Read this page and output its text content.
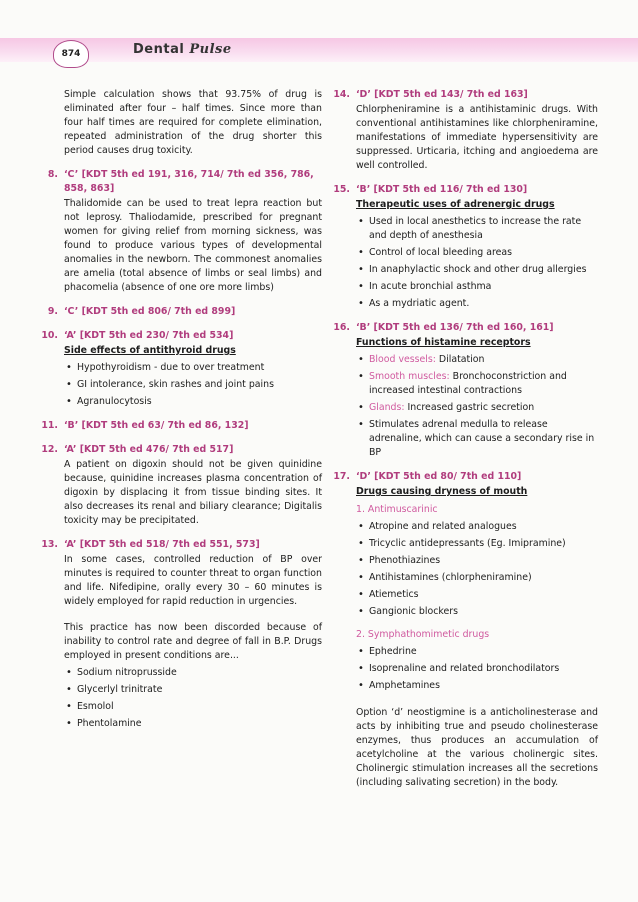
874	Dental Pulse

Simple calculation shows that 93.75% of drug is eliminated after four – half times. Since more than four half times are required for complete elimination, repeated administration of the drug shorter this period causes drug toxicity.

8. ‘C’ [KDT 5th ed 191, 316, 714/ 7th ed 356, 786, 858, 863]

Thalidomide can be used to treat lepra reaction but not leprosy. Thaliodamide, prescribed for pregnant women for giving relief from morning sickness, was found to produce various types of developmental anomalies in the newborn. The commonest anomalies are amelia (total absence of limbs or seal limbs) and phacomelia (absence of one ore more limbs)

9. ‘C’ [KDT 5th ed 806/ 7th ed 899]

10. ‘A’ [KDT 5th ed 230/ 7th ed 534]

Side effects of antithyroid drugs

• Hypothyroidism - due to over treatment
• GI intolerance, skin rashes and joint pains
• Agranulocytosis
11. ‘B’ [KDT 5th ed 63/ 7th ed 86, 132]

12. ‘A’ [KDT 5th ed 476/ 7th ed 517]

A patient on digoxin should not be given quinidine because, quinidine increases plasma concentration of digoxin by displacing it from tissue binding sites. It also decreases its renal and biliary clearance; Digitalis toxicity may be precipitated.

13. ‘A’ [KDT 5th ed 518/ 7th ed 551, 573]

In some cases, controlled reduction of BP over minutes is required to counter threat to organ function and life. Nifedipine, orally every 30 – 60 minutes is widely employed for rapid reduction in urgencies.

This practice has now been discorded because of inability to control rate and degree of fall in B.P. Drugs employed in present conditions are...

• Sodium nitroprusside
• Glycerlyl trinitrate
• Esmolol
• Phentolamine
14. ‘D’ [KDT 5th ed 143/ 7th ed 163]

Chlorpheniramine is a antihistaminic drugs. With conventional antihistamines like chlorpheniramine, manifestations of immediate hypersensitivity are suppressed. Urticaria, itching and angioedema are well controlled.

15. ‘B’ [KDT 5th ed 116/ 7th ed 130]

Therapeutic uses of adrenergic drugs

• Used in local anesthetics to increase the rate and depth of anesthesia
• Control of local bleeding areas
• In anaphylactic shock and other drug allergies
• In acute bronchial asthma
• As a mydriatic agent.
16. ‘B’ [KDT 5th ed 136/ 7th ed 160, 161]

Functions of histamine receptors

• Blood vessels: Dilatation
• Smooth muscles: Bronchoconstriction and increased intestinal contractions
• Glands: Increased gastric secretion
• Stimulates adrenal medulla to release adrenaline, which can cause a secondary rise in BP
17. ‘D’ [KDT 5th ed 80/ 7th ed 110]

Drugs causing dryness of mouth

1. Antimuscarinic

• Atropine and related analogues
• Tricyclic antidepressants (Eg. Imipramine)
• Phenothiazines
• Antihistamines (chlorpheniramine)
• Atiemetics
• Gangionic blockers

2. Symphathomimetic drugs

• Ephedrine
• Isoprenaline and related bronchodilators
• Amphetamines

Option ‘d’ neostigmine is a anticholinesterase and acts by inhibiting true and pseudo cholinesterase enzymes, thus produces an accumulation of acetylcholine at the various cholinergic sites. Cholinergic stimulation increases all the secretions (including salivating secretion) in the body.
